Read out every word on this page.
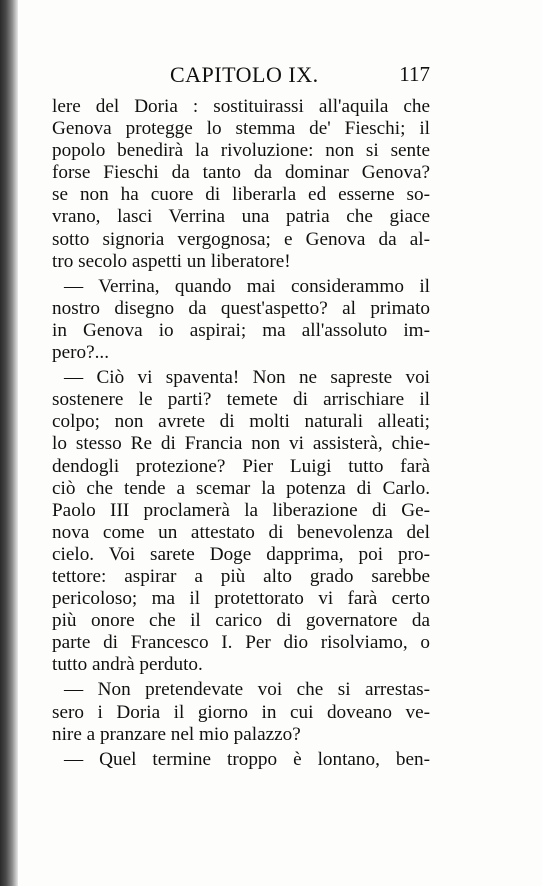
CAPITOLO IX.	117
lere del Doria : sostituirassi all'aquila che
Genova protegge lo stemma de' Fieschi; il
popolo benedirà la rivoluzione: non si sente
forse Fieschi da tanto da dominar Genova?
se non ha cuore di liberarla ed esserne so-
vrano, lasci Verrina una patria che giace
sotto signoria vergognosa; e Genova da al-
tro secolo aspetti un liberatore!
— Verrina, quando mai considerammo il
nostro disegno da quest'aspetto? al primato
in Genova io aspirai; ma all'assoluto im-
pero?...
— Ciò vi spaventa! Non ne sapreste voi
sostenere le parti? temete di arrischiare il
colpo; non avrete di molti naturali alleati;
lo stesso Re di Francia non vi assisterà, chie-
dendogli protezione? Pier Luigi tutto farà
ciò che tende a scemar la potenza di Carlo.
Paolo III proclamerà la liberazione di Ge-
nova come un attestato di benevolenza del
cielo. Voi sarete Doge dapprima, poi pro-
tettore: aspirar a più alto grado sarebbe
pericoloso; ma il protettorato vi farà certo
più onore che il carico di governatore da
parte di Francesco I. Per dio risolviamo, o
tutto andrà perduto.
— Non pretendevate voi che si arrestas-
sero i Doria il giorno in cui doveano ve-
nire a pranzare nel mio palazzo?
— Quel termine troppo è lontano, ben-
